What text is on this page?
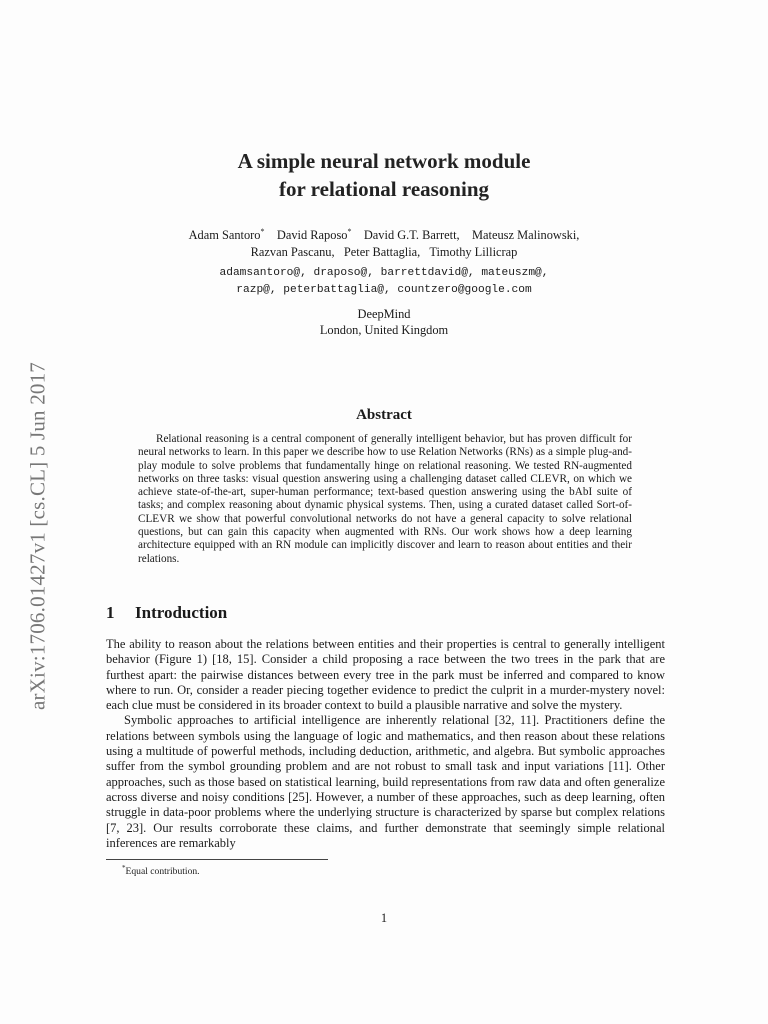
arXiv:1706.01427v1 [cs.CL] 5 Jun 2017
A simple neural network module
for relational reasoning
Adam Santoro* David Raposo* David G.T. Barrett, Mateusz Malinowski,
Razvan Pascanu,   Peter Battaglia,   Timothy Lillicrap
adamsantoro@, draposo@, barrettdavid@, mateuszm@,
razp@, peterbattaglia@, countzero@google.com
DeepMind
London, United Kingdom
Abstract

Relational reasoning is a central component of generally intelligent behavior, but has proven difficult for neural networks to learn. In this paper we describe how to use Relation Networks (RNs) as a simple plug-and-play module to solve problems that fundamentally hinge on relational reasoning. We tested RN-augmented networks on three tasks: visual question answering using a challenging dataset called CLEVR, on which we achieve state-of-the-art, super-human performance; text-based question answering using the bAbI suite of tasks; and complex reasoning about dynamic physical systems. Then, using a curated dataset called Sort-of-CLEVR we show that powerful convolutional networks do not have a general capacity to solve relational questions, but can gain this capacity when augmented with RNs. Our work shows how a deep learning architecture equipped with an RN module can implicitly discover and learn to reason about entities and their relations.

1 Introduction

The ability to reason about the relations between entities and their properties is central to generally intelligent behavior (Figure 1) [18, 15]. Consider a child proposing a race between the two trees in the park that are furthest apart: the pairwise distances between every tree in the park must be inferred and compared to know where to run. Or, consider a reader piecing together evidence to predict the culprit in a murder-mystery novel: each clue must be considered in its broader context to build a plausible narrative and solve the mystery.

Symbolic approaches to artificial intelligence are inherently relational [32, 11]. Practitioners define the relations between symbols using the language of logic and mathematics, and then reason about these relations using a multitude of powerful methods, including deduction, arithmetic, and algebra. But symbolic approaches suffer from the symbol grounding problem and are not robust to small task and input variations [11]. Other approaches, such as those based on statistical learning, build representations from raw data and often generalize across diverse and noisy conditions [25]. However, a number of these approaches, such as deep learning, often struggle in data-poor problems where the underlying structure is characterized by sparse but complex relations [7, 23]. Our results corroborate these claims, and further demonstrate that seemingly simple relational inferences are remarkably

*Equal contribution.
1
